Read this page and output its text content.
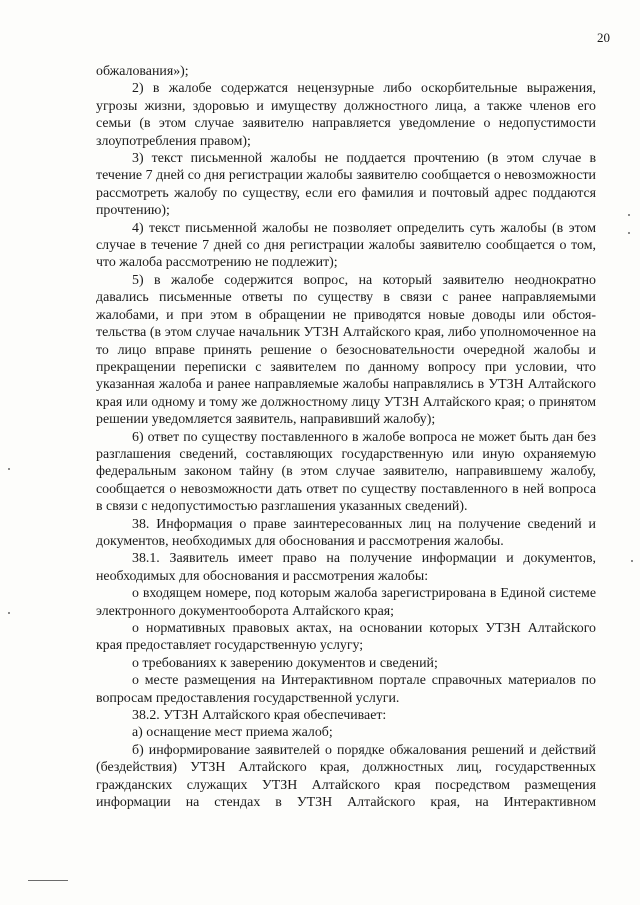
20

обжалования»);

2) в жалобе содержатся нецензурные либо оскорбительные выражения, угрозы жизни, здоровью и имуществу должностного лица, а также членов его семьи (в этом случае заявителю направляется уведомление о недопустимости злоупотребления правом);

3) текст письменной жалобы не поддается прочтению (в этом случае в течение 7 дней со дня регистрации жалобы заявителю сообщается о невозможности рассмотреть жалобу по существу, если его фамилия и почтовый адрес поддаются прочтению);

4) текст письменной жалобы не позволяет определить суть жалобы (в этом случае в течение 7 дней со дня регистрации жалобы заявителю сообщается о том, что жалоба рассмотрению не подлежит);

5) в жалобе содержится вопрос, на который заявителю неоднократно давались письменные ответы по существу в связи с ранее направляемыми жалобами, и при этом в обращении не приводятся новые доводы или обстоятельства (в этом случае начальник УТЗН Алтайского края, либо уполномоченное на то лицо вправе принять решение о безосновательности очередной жалобы и прекращении переписки с заявителем по данному вопросу при условии, что указанная жалоба и ранее направляемые жалобы направлялись в УТЗН Алтайского края или одному и тому же должностному лицу УТЗН Алтайского края; о принятом решении уведомляется заявитель, направивший жалобу);

6) ответ по существу поставленного в жалобе вопроса не может быть дан без разглашения сведений, составляющих государственную или иную охраняемую федеральным законом тайну (в этом случае заявителю, направившему жалобу, сообщается о невозможности дать ответ по существу поставленного в ней вопроса в связи с недопустимостью разглашения указанных сведений).

38. Информация о праве заинтересованных лиц на получение сведений и документов, необходимых для обоснования и рассмотрения жалобы.

38.1. Заявитель имеет право на получение информации и документов, необходимых для обоснования и рассмотрения жалобы:

о входящем номере, под которым жалоба зарегистрирована в Единой системе электронного документооборота Алтайского края;

о нормативных правовых актах, на основании которых УТЗН Алтайского края предоставляет государственную услугу;

о требованиях к заверению документов и сведений;

о месте размещения на Интерактивном портале справочных материалов по вопросам предоставления государственной услуги.

38.2. УТЗН Алтайского края обеспечивает:

а) оснащение мест приема жалоб;

б) информирование заявителей о порядке обжалования решений и действий (бездействия) УТЗН Алтайского края, должностных лиц, государственных гражданских служащих УТЗН Алтайского края посредством размещения информации на стендах в УТЗН Алтайского края, на Интерактивном
